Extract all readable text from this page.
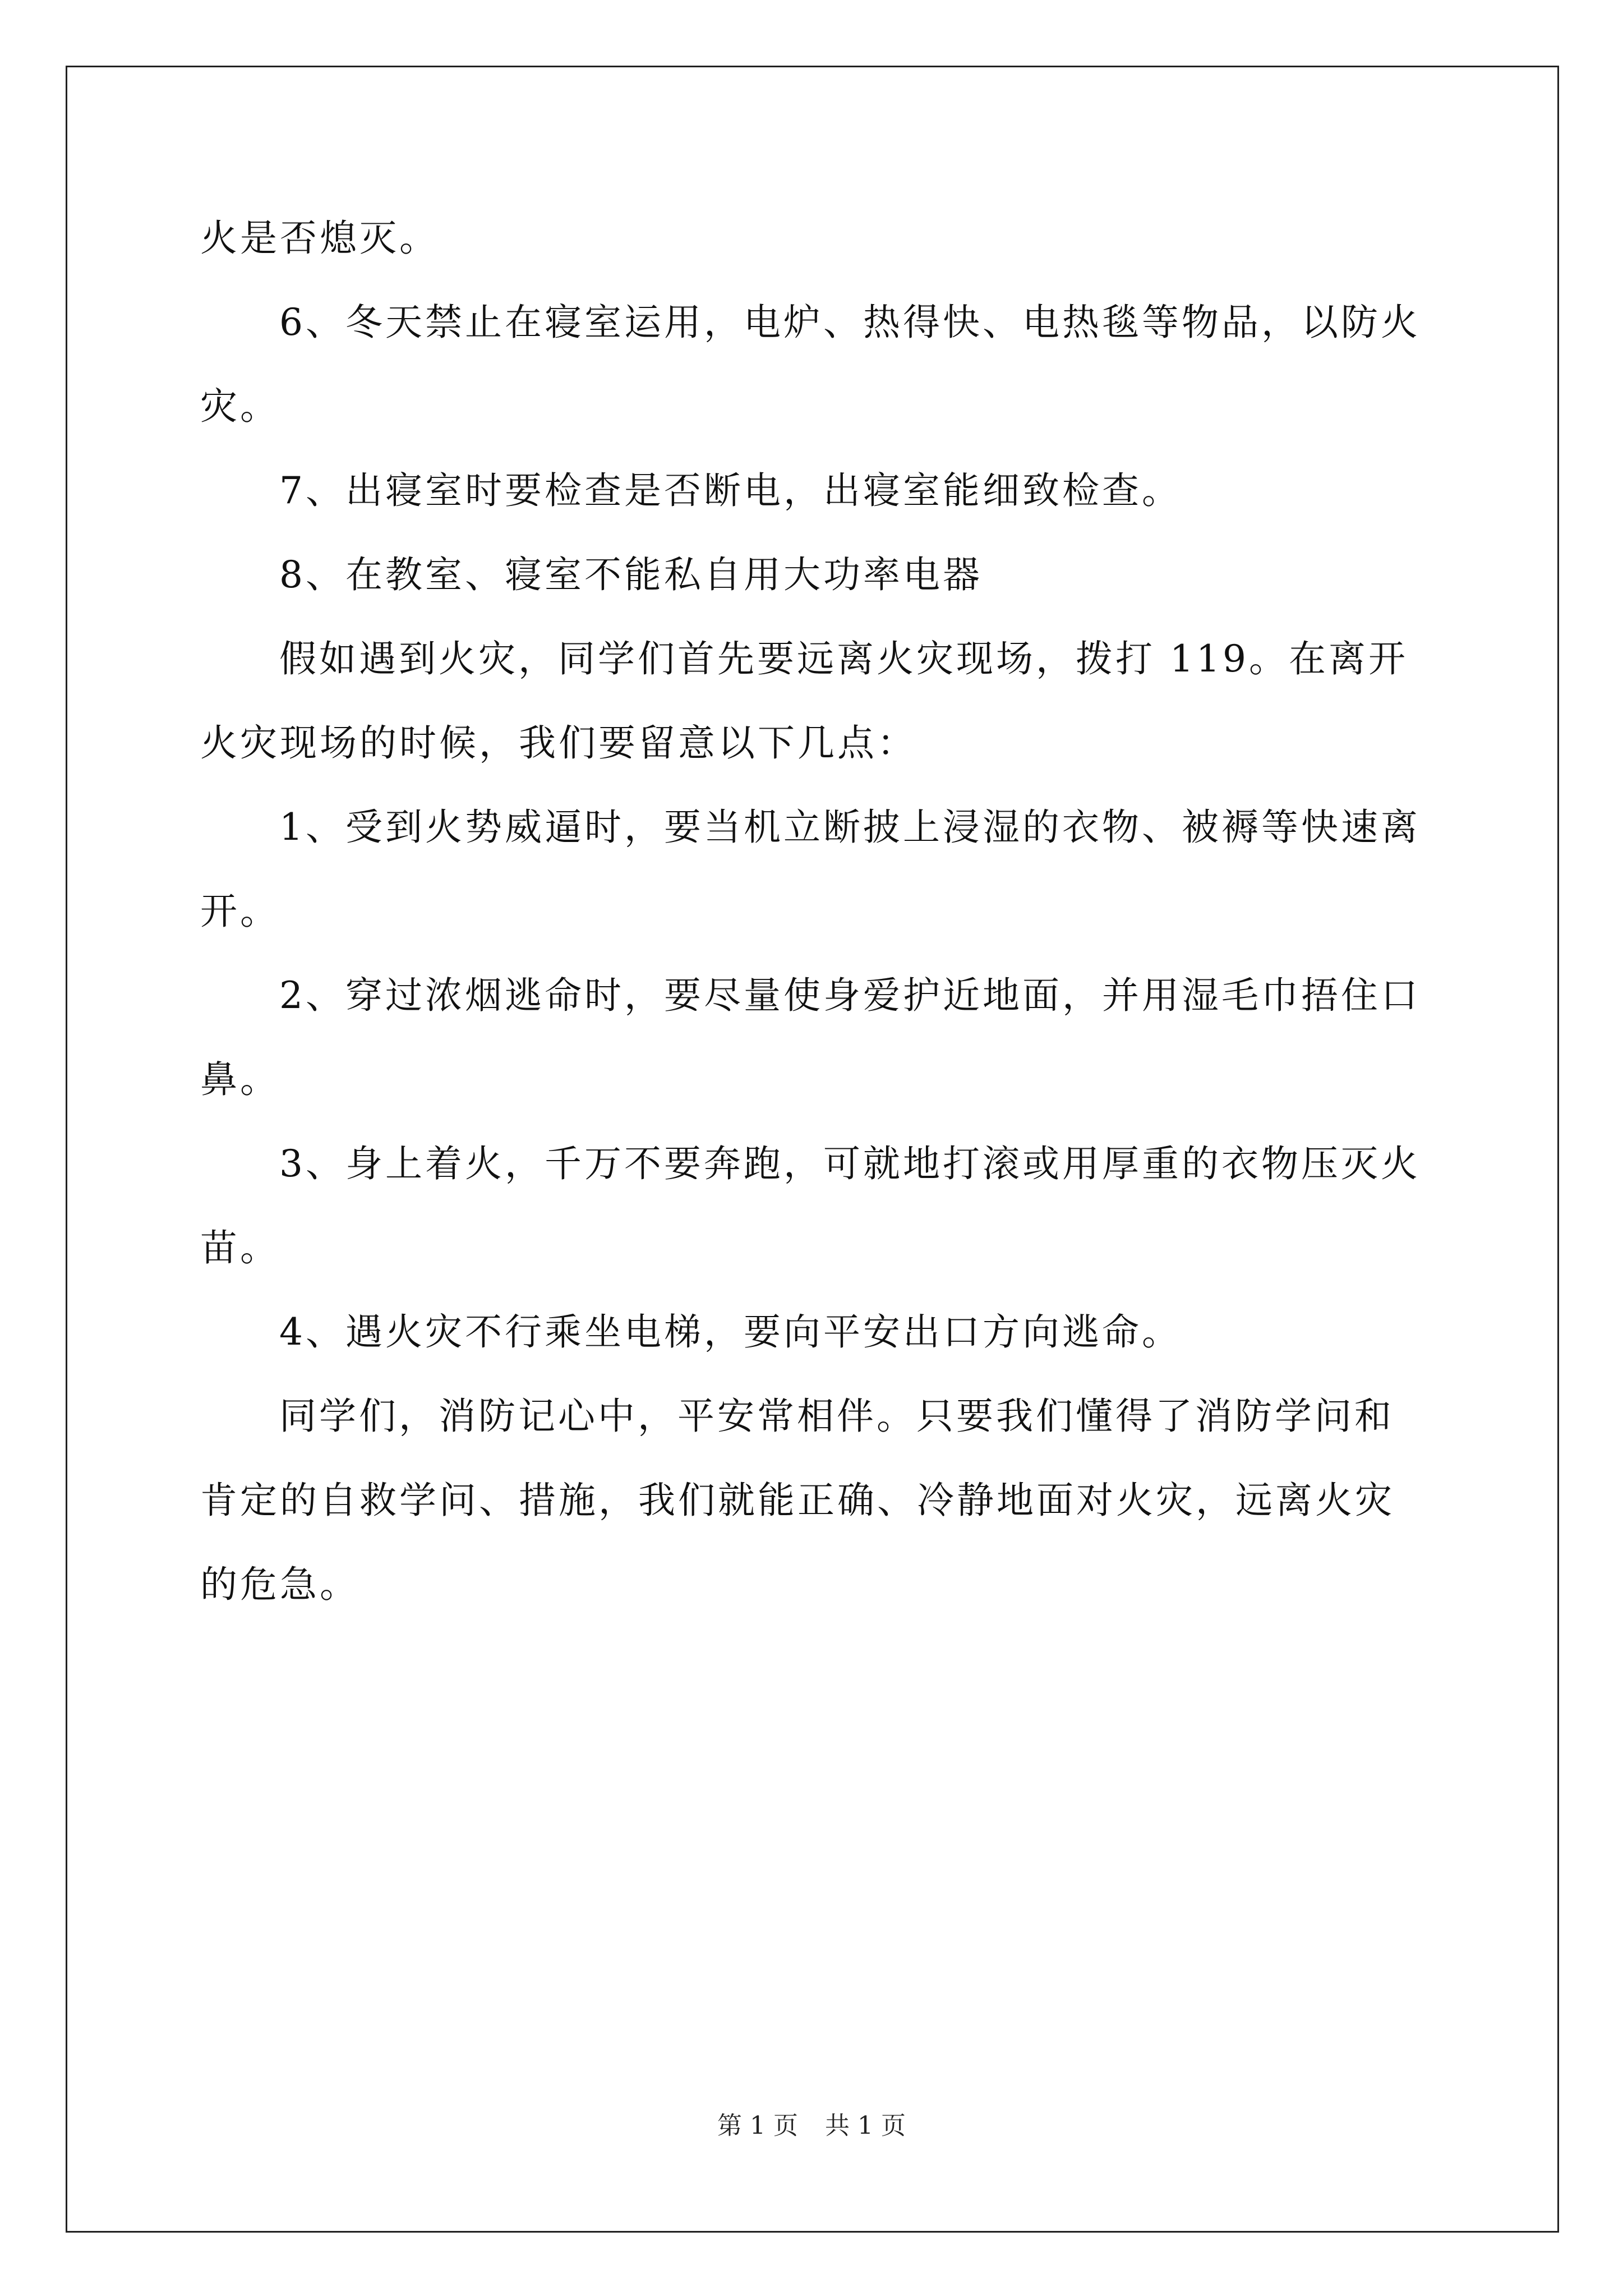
火是否熄灭。
6、冬天禁止在寝室运用，电炉、热得快、电热毯等物品，以防火
灾。
7、出寝室时要检查是否断电，出寝室能细致检查。
8、在教室、寝室不能私自用大功率电器
假如遇到火灾，同学们首先要远离火灾现场，拨打 119。在离开
火灾现场的时候，我们要留意以下几点：
1、受到火势威逼时，要当机立断披上浸湿的衣物、被褥等快速离
开。
2、穿过浓烟逃命时，要尽量使身爱护近地面，并用湿毛巾捂住口
鼻。
3、身上着火，千万不要奔跑，可就地打滚或用厚重的衣物压灭火
苗。
4、遇火灾不行乘坐电梯，要向平安出口方向逃命。
同学们，消防记心中，平安常相伴。只要我们懂得了消防学问和
肯定的自救学问、措施，我们就能正确、冷静地面对火灾，远离火灾
的危急。
第 1 页 共 1 页
